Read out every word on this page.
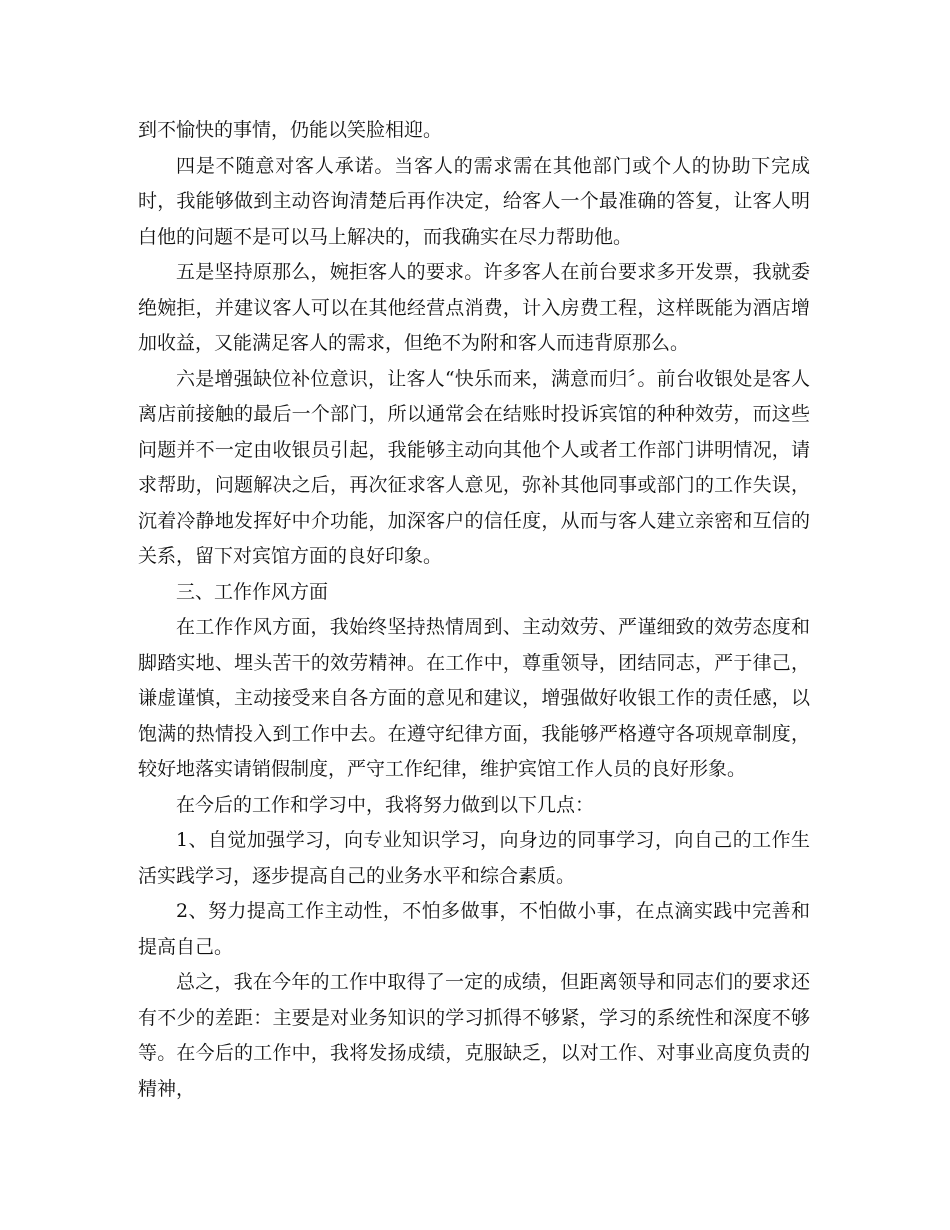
到不愉快的事情，仍能以笑脸相迎。

四是不随意对客人承诺。当客人的需求需在其他部门或个人的协助下完成时，我能够做到主动咨询清楚后再作决定，给客人一个最准确的答复，让客人明白他的问题不是可以马上解决的，而我确实在尽力帮助他。

五是坚持原那么，婉拒客人的要求。许多客人在前台要求多开发票，我就委绝婉拒，并建议客人可以在其他经营点消费，计入房费工程，这样既能为酒店增加收益，又能满足客人的需求，但绝不为附和客人而违背原那么。

六是增强缺位补位意识，让客人“快乐而来，满意而归〞。前台收银处是客人离店前接触的最后一个部门，所以通常会在结账时投诉宾馆的种种效劳，而这些问题并不一定由收银员引起，我能够主动向其他个人或者工作部门讲明情况，请求帮助，问题解决之后，再次征求客人意见，弥补其他同事或部门的工作失误，沉着冷静地发挥好中介功能，加深客户的信任度，从而与客人建立亲密和互信的关系，留下对宾馆方面的良好印象。

三、工作作风方面

在工作作风方面，我始终坚持热情周到、主动效劳、严谨细致的效劳态度和脚踏实地、埋头苦干的效劳精神。在工作中，尊重领导，团结同志，严于律己，谦虚谨慎，主动接受来自各方面的意见和建议，增强做好收银工作的责任感，以饱满的热情投入到工作中去。在遵守纪律方面，我能够严格遵守各项规章制度，较好地落实请销假制度，严守工作纪律，维护宾馆工作人员的良好形象。

在今后的工作和学习中，我将努力做到以下几点：

1、自觉加强学习，向专业知识学习，向身边的同事学习，向自己的工作生活实践学习，逐步提高自己的业务水平和综合素质。

2、努力提高工作主动性，不怕多做事，不怕做小事，在点滴实践中完善和提高自己。

总之，我在今年的工作中取得了一定的成绩，但距离领导和同志们的要求还有不少的差距：主要是对业务知识的学习抓得不够紧，学习的系统性和深度不够等。在今后的工作中，我将发扬成绩，克服缺乏，以对工作、对事业高度负责的精神，
